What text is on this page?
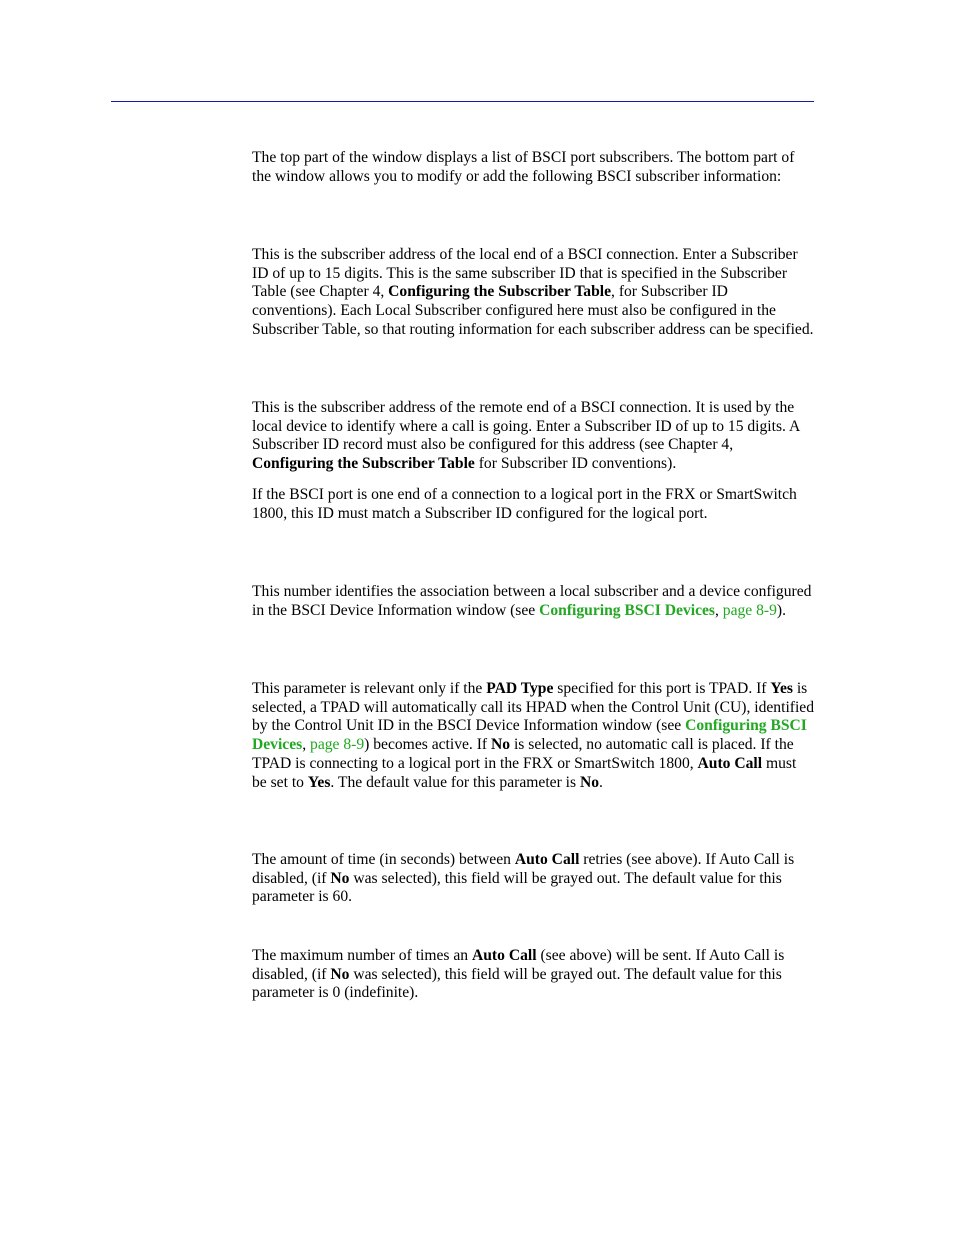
The top part of the window displays a list of BSCI port subscribers. The bottom part of the window allows you to modify or add the following BSCI subscriber information:

This is the subscriber address of the local end of a BSCI connection. Enter a Subscriber ID of up to 15 digits. This is the same subscriber ID that is specified in the Subscriber Table (see Chapter 4, Configuring the Subscriber Table, for Subscriber ID conventions). Each Local Subscriber configured here must also be configured in the Subscriber Table, so that routing information for each subscriber address can be specified.

This is the subscriber address of the remote end of a BSCI connection. It is used by the local device to identify where a call is going. Enter a Subscriber ID of up to 15 digits. A Subscriber ID record must also be configured for this address (see Chapter 4, Configuring the Subscriber Table for Subscriber ID conventions).

If the BSCI port is one end of a connection to a logical port in the FRX or SmartSwitch 1800, this ID must match a Subscriber ID configured for the logical port.

This number identifies the association between a local subscriber and a device configured in the BSCI Device Information window (see Configuring BSCI Devices, page 8-9).

This parameter is relevant only if the PAD Type specified for this port is TPAD. If Yes is selected, a TPAD will automatically call its HPAD when the Control Unit (CU), identified by the Control Unit ID in the BSCI Device Information window (see Configuring BSCI Devices, page 8-9) becomes active. If No is selected, no automatic call is placed. If the TPAD is connecting to a logical port in the FRX or SmartSwitch 1800, Auto Call must be set to Yes. The default value for this parameter is No.

The amount of time (in seconds) between Auto Call retries (see above). If Auto Call is disabled, (if No was selected), this field will be grayed out. The default value for this parameter is 60.

The maximum number of times an Auto Call (see above) will be sent. If Auto Call is disabled, (if No was selected), this field will be grayed out. The default value for this parameter is 0 (indefinite).
